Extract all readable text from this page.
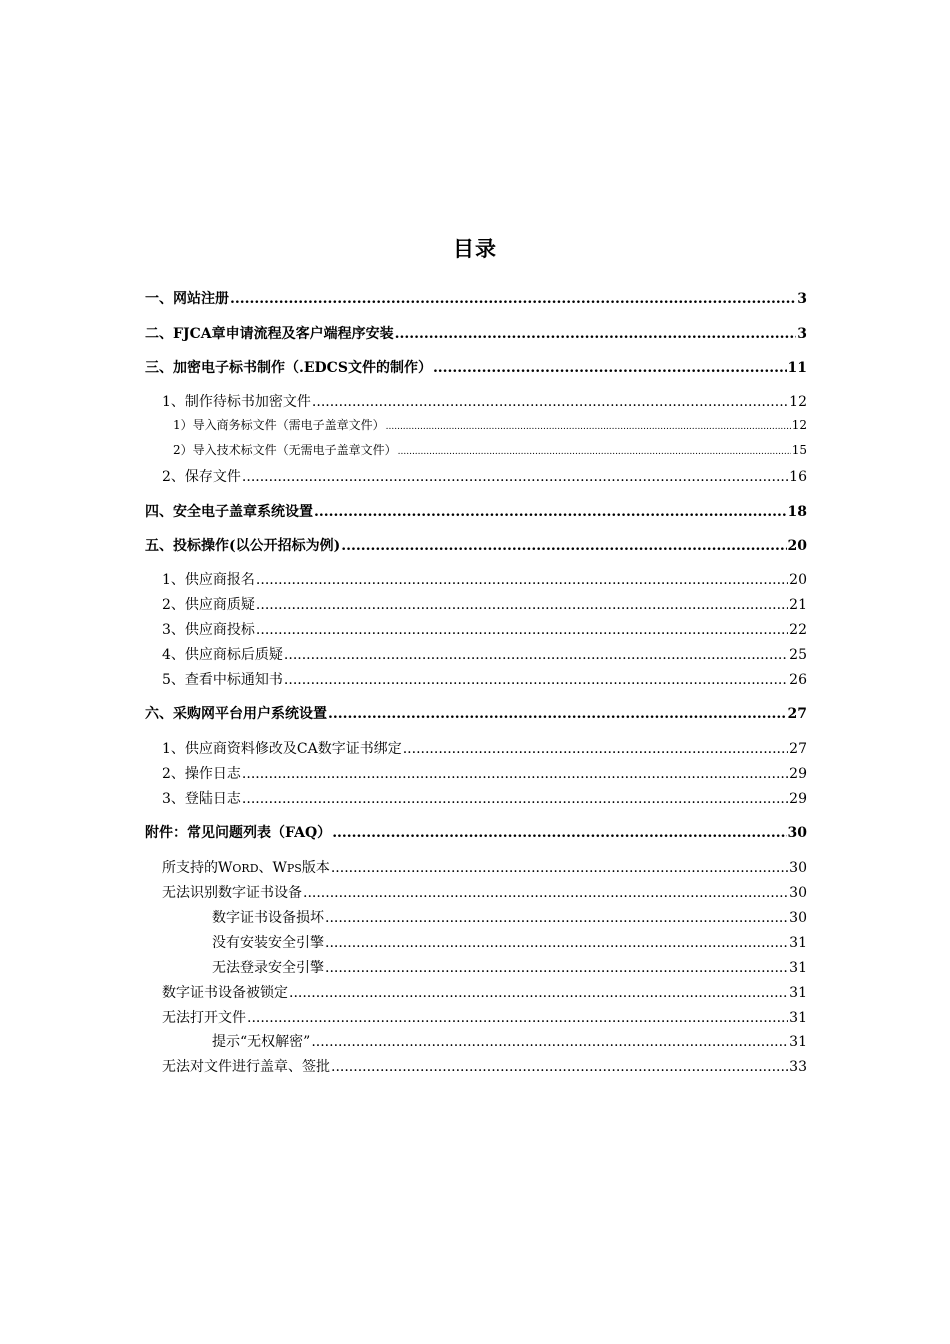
目录
一、网站注册 .....	3
二、FJCA章申请流程及客户端程序安装 .....	3
三、加密电子标书制作（.EDCS文件的制作） .....	11
1、制作待标书加密文件 .....	12
1）导入商务标文件（需电子盖章文件） .....	12
2）导入技术标文件（无需电子盖章文件） .....	15
2、保存文件 .....	16
四、安全电子盖章系统设置 .....	18
五、投标操作(以公开招标为例) .....	20
1、供应商报名 .....	20
2、供应商质疑 .....	21
3、供应商投标 .....	22
4、供应商标后质疑 .....	25
5、查看中标通知书 .....	26
六、采购网平台用户系统设置 .....	27
1、供应商资料修改及CA数字证书绑定 .....	27
2、操作日志 .....	29
3、登陆日志 .....	29
附件：常见问题列表（FAQ） .....	30
所支持的WORD、WPS版本 .....	30
无法识别数字证书设备 .....	30
数字证书设备损坏 .....	30
没有安装安全引擎 .....	31
无法登录安全引擎 .....	31
数字证书设备被锁定 .....	31
无法打开文件 .....	31
提示“无权解密” .....	31
无法对文件进行盖章、签批 .....	33
